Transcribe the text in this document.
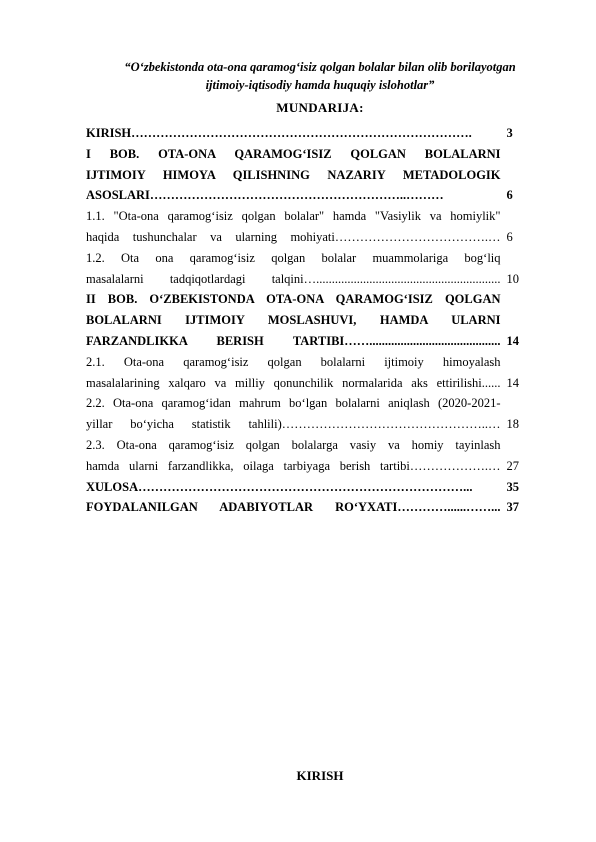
“O‘zbekistonda ota-ona qaramog‘isiz qolgan bolalar bilan olib borilayotgan
ijtimoiy-iqtisodiy hamda huquqiy islohotlar”
MUNDARIJA:
KIRISH……………………………………………………………………….	3
I BOB. OTA-ONA QARAMOG‘ISIZ QOLGAN BOLALARNI
IJTIMOIY HIMOYA QILISHNING NAZARIY METADOLOGIK
ASOSLARI……………………………………………………..………	6
1.1. "Ota-ona qaramog‘isiz qolgan bolalar" hamda "Vasiylik va homiylik"
haqida tushunchalar va ularning mohiyati……………………………….… 6
1.2. Ota ona qaramog‘isiz qolgan bolalar muammolariga bog‘liq
masalalarni tadqiqotlardagi talqini…........................................................... 10
II BOB. O‘ZBEKISTONDA OTA-ONA QARAMOG‘ISIZ QOLGAN
BOLALARNI IJTIMOIY MOSLASHUVI, HAMDA ULARNI
FARZANDLIKKA BERISH TARTIBI…….......................................... 14
2.1. Ota-ona qaramog‘isiz qolgan bolalarni ijtimoiy himoyalash
masalalarining xalqaro va milliy qonunchilik normalarida aks ettirilishi...... 14
2.2. Ota-ona qaramog‘idan mahrum bo‘lgan bolalarni aniqlash (2020-2021-
yillar bo‘yicha statistik tahlili)…………………………………………..… 18
2.3. Ota-ona qaramog‘isiz qolgan bolalarga vasiy va homiy tayinlash
hamda ularni farzandlikka, oilaga tarbiyaga berish tartibi……………….… 27
XULOSA……………………………………………………………………...	35
FOYDALANILGAN ADABIYOTLAR RO‘YXATI…………......……... 37
KIRISH
